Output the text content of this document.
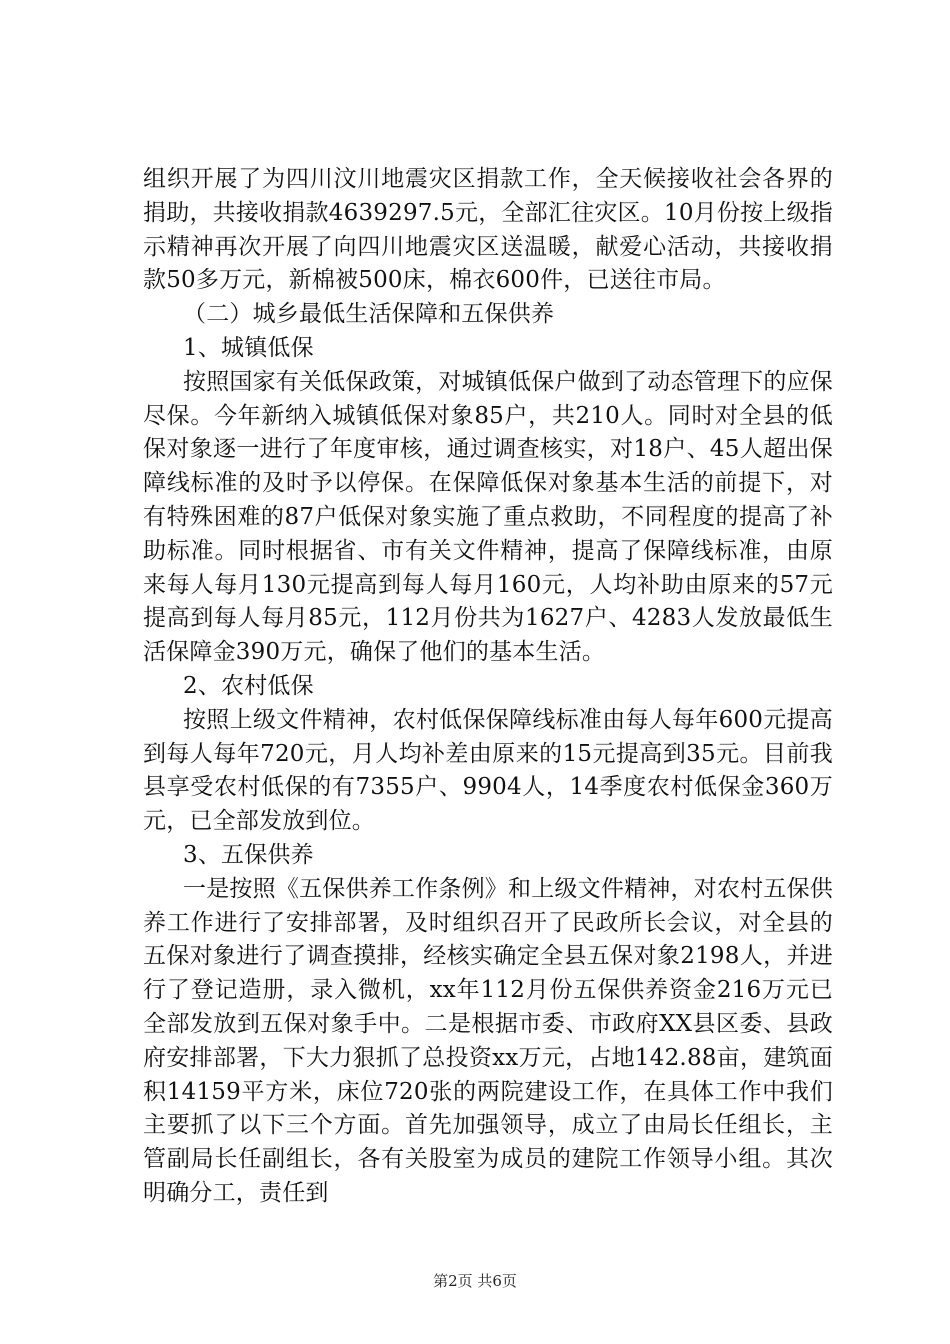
组织开展了为四川汶川地震灾区捐款工作，全天候接收社会各界的捐助，共接收捐款4639297.5元，全部汇往灾区。10月份按上级指示精神再次开展了向四川地震灾区送温暖，献爱心活动，共接收捐款50多万元，新棉被500床，棉衣600件，已送往市局。

（二）城乡最低生活保障和五保供养

1、城镇低保

按照国家有关低保政策，对城镇低保户做到了动态管理下的应保尽保。今年新纳入城镇低保对象85户，共210人。同时对全县的低保对象逐一进行了年度审核，通过调查核实，对18户、45人超出保障线标准的及时予以停保。在保障低保对象基本生活的前提下，对有特殊困难的87户低保对象实施了重点救助，不同程度的提高了补助标准。同时根据省、市有关文件精神，提高了保障线标准，由原来每人每月130元提高到每人每月160元，人均补助由原来的57元提高到每人每月85元，112月份共为1627户、4283人发放最低生活保障金390万元，确保了他们的基本生活。

2、农村低保

按照上级文件精神，农村低保保障线标准由每人每年600元提高到每人每年720元，月人均补差由原来的15元提高到35元。目前我县享受农村低保的有7355户、9904人，14季度农村低保金360万元，已全部发放到位。

3、五保供养

一是按照《五保供养工作条例》和上级文件精神，对农村五保供养工作进行了安排部署，及时组织召开了民政所长会议，对全县的五保对象进行了调查摸排，经核实确定全县五保对象2198人，并进行了登记造册，录入微机，xx年112月份五保供养资金216万元已全部发放到五保对象手中。二是根据市委、市政府XX县区委、县政府安排部署，下大力狠抓了总投资xx万元，占地142.88亩，建筑面积14159平方米，床位720张的两院建设工作，在具体工作中我们主要抓了以下三个方面。首先加强领导，成立了由局长任组长，主管副局长任副组长，各有关股室为成员的建院工作领导小组。其次明确分工，责任到

第2页 共6页
